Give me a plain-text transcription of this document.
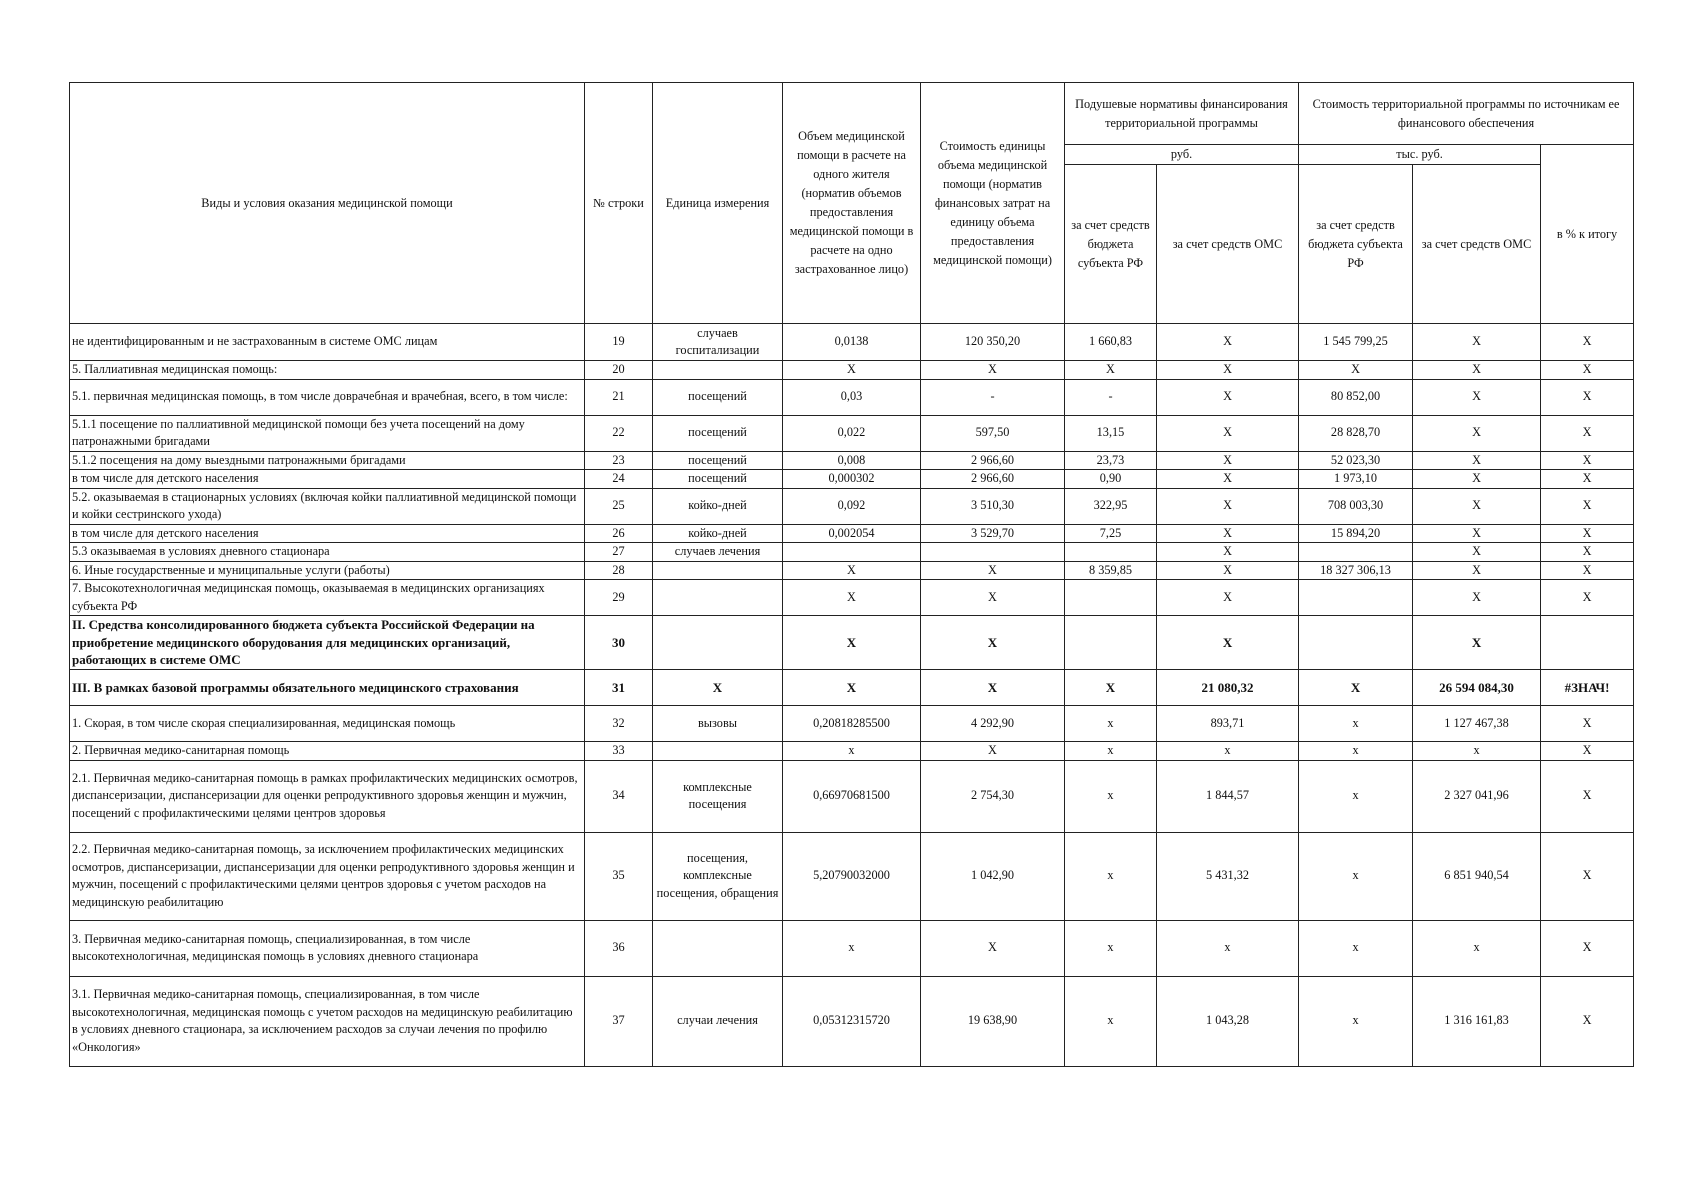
Виды и условия оказания медицинской помощи	№ строки	Единица измерения	Объем медицинской помощи в расчете на одного жителя (норматив объемов предоставления медицинской помощи в расчете на одно застрахованное лицо)	Стоимость единицы объема медицинской помощи (норматив финансовых затрат на единицу объема предоставления медицинской помощи)	Подушевые нормативы финансирования территориальной программы		Стоимость территориальной программы по источникам ее финансового обеспечения		
					руб.		тыс. руб.		в % к итогу
					за счет средств бюджета субъекта РФ	за счет средств ОМС	за счет средств бюджета субъекта РФ	за счет средств ОМС	
не идентифицированным и не застрахованным в системе ОМС лицам	19	случаев госпитализации	0,0138	120 350,20	1 660,83	X	1 545 799,25	X	X
5. Паллиативная медицинская помощь:	20		X	X	X	X	X	X	X
5.1. первичная медицинская помощь, в том числе доврачебная и врачебная, всего, в том числе:	21	посещений	0,03	-	-	X	80 852,00	X	X
5.1.1 посещение по паллиативной медицинской помощи без учета посещений на дому патронажными бригадами	22	посещений	0,022	597,50	13,15	X	28 828,70	X	X
5.1.2 посещения на дому выездными патронажными бригадами	23	посещений	0,008	2 966,60	23,73	X	52 023,30	X	X
в том числе для детского населения	24	посещений	0,000302	2 966,60	0,90	X	1 973,10	X	X
5.2. оказываемая в стационарных условиях (включая койки паллиативной медицинской помощи и койки сестринского ухода)	25	койко-дней	0,092	3 510,30	322,95	X	708 003,30	X	X
в том числе для детского населения	26	койко-дней	0,002054	3 529,70	7,25	X	15 894,20	X	X
5.3 оказываемая в условиях дневного стационара	27	случаев лечения				X		X	X
6. Иные государственные и муниципальные услуги (работы)	28		X	X	8 359,85	X	18 327 306,13	X	X
7. Высокотехнологичная медицинская помощь, оказываемая в медицинских организациях субъекта РФ	29		X	X		X		X	X
II. Средства консолидированного бюджета субъекта Российской Федерации на приобретение медицинского оборудования для медицинских организаций, работающих в системе ОМС	30		X	X		X		X	
III. В рамках базовой программы обязательного медицинского страхования	31	X	X	X	X	21 080,32	X	26 594 084,30	#ЗНАЧ!
1. Скорая, в том числе скорая специализированная, медицинская помощь	32	вызовы	0,20818285500	4 292,90	x	893,71	x	1 127 467,38	X
2. Первичная медико-санитарная помощь	33		x	X	x	x	x	x	X
2.1. Первичная медико-санитарная помощь в рамках профилактических медицинских осмотров, диспансеризации, диспансеризации для оценки репродуктивного здоровья женщин и мужчин, посещений с профилактическими целями центров здоровья	34	комплексные посещения	0,66970681500	2 754,30	x	1 844,57	x	2 327 041,96	X
2.2. Первичная медико-санитарная помощь, за исключением профилактических медицинских осмотров, диспансеризации, диспансеризации для оценки репродуктивного здоровья женщин и мужчин, посещений с профилактическими целями центров здоровья с учетом расходов на медицинскую реабилитацию	35	посещения, комплексные посещения, обращения	5,20790032000	1 042,90	x	5 431,32	x	6 851 940,54	X
3. Первичная медико-санитарная помощь, специализированная, в том числе высокотехнологичная, медицинская помощь в условиях дневного стационара	36		x	X	x	x	x	x	X
3.1. Первичная медико-санитарная помощь, специализированная, в том числе высокотехнологичная, медицинская помощь с учетом расходов на медицинскую реабилитацию в условиях дневного стационара, за исключением расходов за случаи лечения по профилю «Онкология»	37	случаи лечения	0,05312315720	19 638,90	x	1 043,28	x	1 316 161,83	X
